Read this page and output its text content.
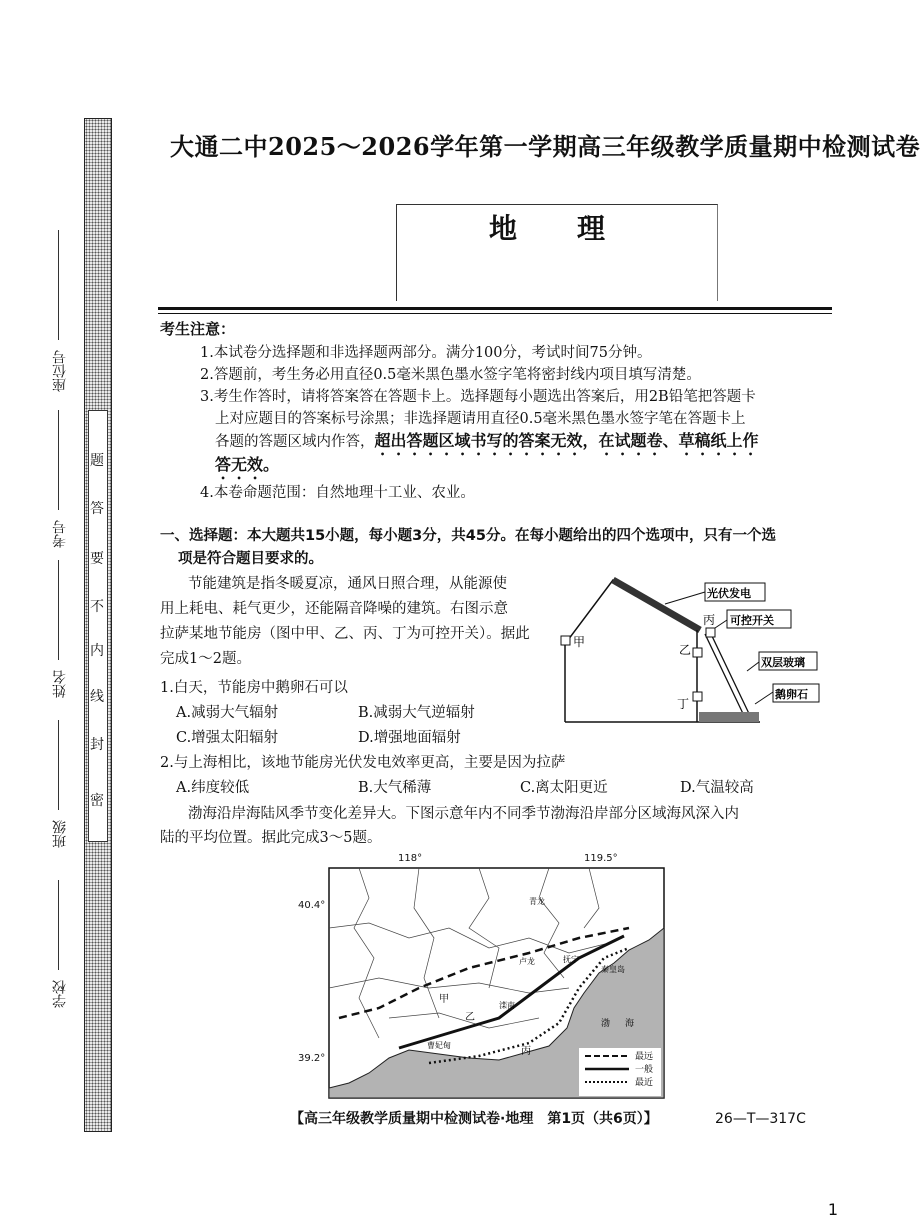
密
封
线
内
不
要
答
题
学校
班级
姓名
考号
座位号
大通二中2025～2026学年第一学期高三年级教学质量期中检测试卷
地理
考生注意：
1.本试卷分选择题和非选择题两部分。满分100分，考试时间75分钟。
2.答题前，考生务必用直径0.5毫米黑色墨水签字笔将密封线内项目填写清楚。
3.考生作答时，请将答案答在答题卡上。选择题每小题选出答案后，用2B铅笔把答题卡
上对应题目的答案标号涂黑；非选择题请用直径0.5毫米黑色墨水签字笔在答题卡上
各题的答题区域内作答，超出答题区域书写的答案无效，在试题卷、草稿纸上作
答无效。
4.本卷命题范围：自然地理十工业、农业。
一、选择题：本大题共15小题，每小题3分，共45分。在每小题给出的四个选项中，只有一个选
项是符合题目要求的。
节能建筑是指冬暖夏凉，通风日照合理，从能源使
用上耗电、耗气更少，还能隔音降噪的建筑。右图示意
拉萨某地节能房（图中甲、乙、丙、丁为可控开关）。据此
完成1～2题。
光伏发电
可控开关
双层玻璃
鹅卵石
甲
乙
丙
丁
1.白天，节能房中鹅卵石可以
A.减弱大气辐射	B.减弱大气逆辐射
C.增强太阳辐射	D.增强地面辐射
2.与上海相比，该地节能房光伏发电效率更高，主要是因为拉萨
A.纬度较低	B.大气稀薄	C.离太阳更近	D.气温较高
渤海沿岸海陆风季节变化差异大。下图示意年内不同季节渤海沿岸部分区域海风深入内
陆的平均位置。据此完成3～5题。
118°	119.5°
40.4°
39.2°
青龙
卢龙	抚宁
秦皇岛
滦南
曹妃甸
渤 海
甲
乙
丙	最远
一般
最近
【高三年级教学质量期中检测试卷·地理　第1页（共6页）】	26—T—317C
1
